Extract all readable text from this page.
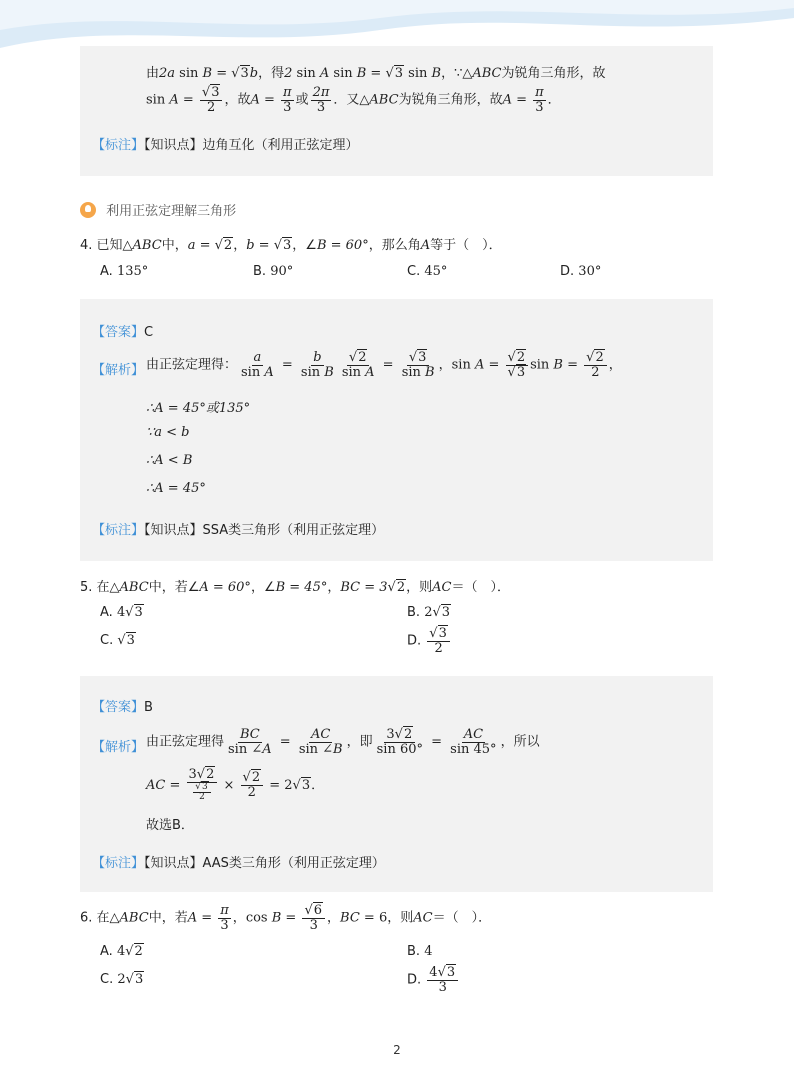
由2a sin B = √3b，得2 sin A sin B = √3 sin B，∵△ABC为锐角三角形，故
$\sin A = \frac{√3}{2}$ ，故$A = \frac{\pi}{3}$ 或 $\frac{2\pi}{3}$ ．又△ABC为锐角三角形，故$A = \frac{\pi}{3}$ ．
【标注】【知识点】边角互化（利用正弦定理）
利用正弦定理解三角形
4. 已知△ABC中，a = √2，b = √3，∠B = 60°，那么角A等于（　）．
A. 135°	B. 90°	C. 45°	D. 30°
【答案】C
【解析】 由正弦定理得： $\frac{a}{\text{sin A}} = \frac{b}{\text{sin B}} \frac{√2}{\text{sin A}} = \frac{√3}{\text{sin B}}$ ，$\sin A = \frac{√2}{√3}$ $\sin B = \frac{√2}{2}$ ，
∴A = 45°或135°
∵a < b
∴A < B
∴A = 45°
【标注】【知识点】SSA类三角形（利用正弦定理）
5. 在△ABC中，若∠A = 60°，∠B = 45°，BC = 3√2，则AC＝（　）．
A. 4√3	B. 2√3
C. √3	D. $\frac{√3}{2}$
【答案】B
【解析】 由正弦定理得 $\frac{BC}{\sin \angle A} = \frac{AC}{\sin \angle B}$ ，即 $\frac{3√2}{\sin 60^\circ} = \frac{AC}{\sin 45^\circ}$ ，所以
AC = $\frac{3√2}{\frac{√3}{2}} \times \frac{√2}{2} = 2√3$．
故选B．
【标注】【知识点】AAS类三角形（利用正弦定理）
6. 在△ABC中，若$A = \frac{\pi}{3}$ ，$\cos B = \frac{√6}{3}$ ，BC = 6，则AC＝（　）．
A. 4√2	B. 4
C. 2√3	D. $\frac{4√3}{3}$
2
